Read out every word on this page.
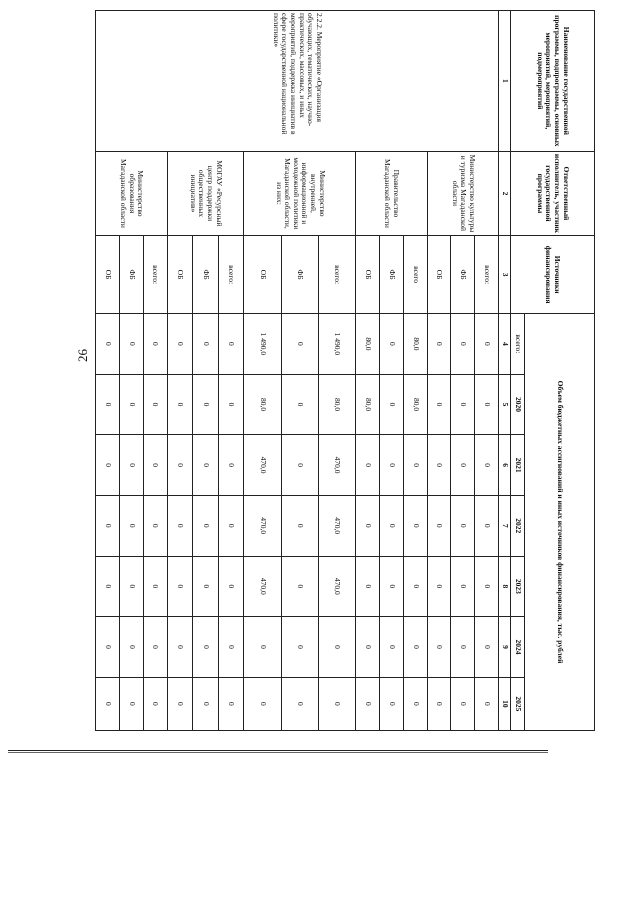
26
Наименование государственной программы, подпрограммы, основных мероприятий, мероприятий, подмероприятий	Ответственный исполнитель, участник государственной программы	Источники финансирования	Объем бюджетных ассигнований и иных источников финансирования, тыс. рублей						
			всего:	2020	2021	2022	2023	2024	2025
1	2	3	4	5	6	7	8	9	10
2.2.2. Мероприятие «Организация обучающих, тематических, научно-практических, массовых, и иных мероприятий, поддержка инициатив в сфере государственной национальной политики»	Министерство культуры и туризма Магаданской области	всего:	0	0	0	0	0	0	0
		ФБ	0	0	0	0	0	0	0
		ОБ	0	0	0	0	0	0	0
	Правительство Магаданской области	всего	80,0	80,0	0	0	0	0	0
		ФБ	0	0	0	0	0	0	0
		ОБ	80,0	80,0	0	0	0	0	0
	Министерство внутренней, информационной и молодежной политики Магаданской области, из них:	всего:	1 490,0	80,0	470,0	470,0	470,0	0	0
		ФБ	0	0	0	0	0	0	0
		ОБ	1 490,0	80,0	470,0	470,0	470,0	0	0
	МОГАУ «Ресурсный центр поддержки общественных инициатив»	всего:	0	0	0	0	0	0	0
		ФБ	0	0	0	0	0	0	0
		ОБ	0	0	0	0	0	0	0
	Министерство образования Магаданской области	всего:	0	0	0	0	0	0	0
		ФБ	0	0	0	0	0	0	0
		ОБ	0	0	0	0	0	0	0
